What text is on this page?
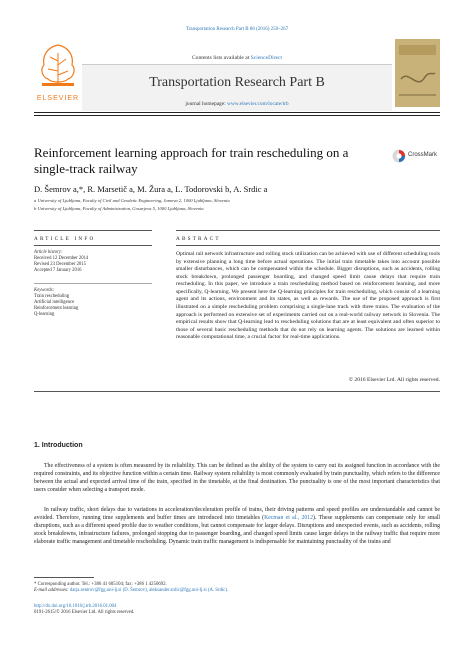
Transportation Research Part B 86 (2016) 250–267
ELSEVIER
Contents lists available at ScienceDirect
Transportation Research Part B
journal homepage: www.elsevier.com/locate/trb
Reinforcement learning approach for train rescheduling on a single-track railway
CrossMark
D. Šemrov a,*, R. Marsetič a, M. Žura a, L. Todorovski b, A. Srdic a
a University of Ljubljana, Faculty of Civil and Geodetic Engineering, Jamova 2, 1000 Ljubljana, Slovenia
b University of Ljubljana, Faculty of Administration, Gosarjeva 5, 1000 Ljubljana, Slovenia
ARTICLE INFO
Article history:
Received 12 December 2014
Revised 23 December 2015
Accepted 7 January 2016
Keywords:
Train rescheduling
Artificial intelligence
Reinforcement learning
Q-learning
ABSTRACT
Optimal rail network infrastructure and rolling stock utilization can be achieved with use of different scheduling tools by extensive planning a long time before actual operations. The initial train timetable takes into account possible smaller disturbances, which can be compensated within the schedule. Bigger disruptions, such as accidents, rolling stock breakdown, prolonged passenger boarding, and changed speed limit cause delays that require train rescheduling. In this paper, we introduce a train rescheduling method based on reinforcement learning, and more specifically, Q-learning. We present here the Q-learning principles for train rescheduling, which consist of a learning agent and its actions, environment and its states, as well as rewards. The use of the proposed approach is first illustrated on a simple rescheduling problem comprising a single-lane track with three trains. The evaluation of the approach is performed on extensive set of experiments carried out on a real-world railway network in Slovenia. The empirical results show that Q-learning lead to rescheduling solutions that are at least equivalent and often superior to those of several basic rescheduling methods that do not rely on learning agents. The solutions are learned within reasonable computational time, a crucial factor for real-time applications.
© 2016 Elsevier Ltd. All rights reserved.
1. Introduction
The effectiveness of a system is often measured by its reliability. This can be defined as the ability of the system to carry out its assigned function in accordance with the required constraints, and its objective function within a certain time. Railway system reliability is most commonly evaluated by train punctuality, which refers to the difference between the actual and expected arrival time of the train, specified in the timetable, at the final destination. The punctuality is one of the most important characteristics that users consider when selecting a transport mode.
In railway traffic, short delays due to variations in acceleration/deceleration profile of trains, their driving patterns and speed profiles are understandable and cannot be avoided. Therefore, running time supplements and buffer times are introduced into timetables (Kecman et al., 2012). These supplements can compensate only for small disruptions, such as a different speed profile due to weather conditions, but cannot compensate for larger delays. Disruptions and unexpected events, such as accidents, rolling stock breakdowns, infrastructure failures, prolonged stopping due to passenger boarding, and changed speed limits cause larger delays in the railway traffic that require more elaborate traffic management and timetable rescheduling. Dynamic train traffic management is indispensable for maintaining punctuality of the trains and
* Corresponding author. Tel.: +386 41 605104; fax: +386 1 4250692.
E-mail addresses: darja.semrov@fgg.uni-lj.si (D. Šemrov), aleksander.srdic@fgg.uni-lj.si (A. Srdic).
http://dx.doi.org/10.1016/j.trb.2016.01.004
0191-2615/© 2016 Elsevier Ltd. All rights reserved.
